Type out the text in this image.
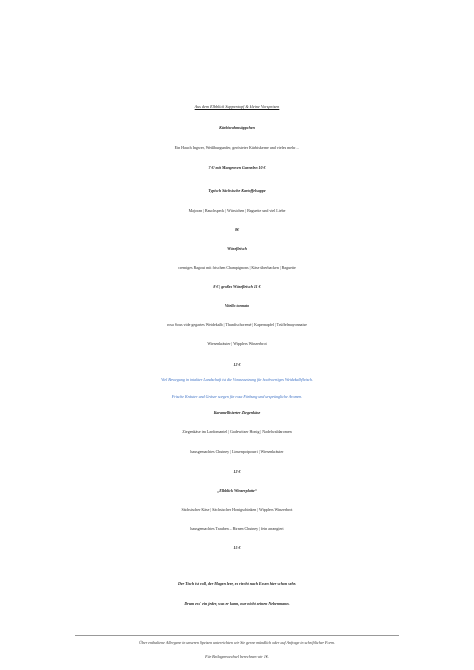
Aus dem Elbblick Suppentopf & kleine Vorspeisen
Kürbisrahmsüppchen
Ein Hauch Ingwer, Weißburgunder, gerösteter Kürbiskerne und vieles mehr…
7 €/ mit Mangroven Garnelen 10 €
Typisch Sächsische Kartoffelsuppe
Majoran | Bauchspeck | Würstchen | Baguette und viel Liebe
8€
Würzfleisch
cremiges Ragout mit frischen Champignons | Käse überbacken | Baguette
8 € | großes Würzfleisch 11 €
Vitello tonnato
rosa Sous vide gegartes Weidekalb | Thunfischcremé | Kapernapfel | Trüffelmayonnaise
Wiesenkräuter | Wipplers Winzerbrot
12 €
Viel Bewegung in intakter Landschaft ist die Voraussetzung für hochwertiges Weidekalbfleisch.
Frische Kräuter und Gräser sorgen für rosa Färbung und ursprüngliche Aromen.
Karamellisierter Ziegenkäse
Ziegenkäse im Lardomantel | Gadewitzer Honig | Nadelwaldaromen
hausgemachtes Chutney | Linsenpotpourri | Wiesenkräuter
12 €
„Elbblick Winzerplatte“
Sächsischer Käse | Sächsischer Honigschinken | Wipplers Winzerbrot
hausgemachtes Trauben – Birnen Chutney | fein arrangiert
15 €
Der Tisch ist voll, der Magen leer, es riecht nach Essen hier schon sehr.
Drum ess' ein jeder, was er kann, nur nicht seinen Nebenmann.
Über enthaltene Allergene in unseren Speisen unterrichten wir Sie gerne mündlich oder auf Anfrage in schriftlicher Form.
Für Beilagenwechsel berechnen wir 1€.
